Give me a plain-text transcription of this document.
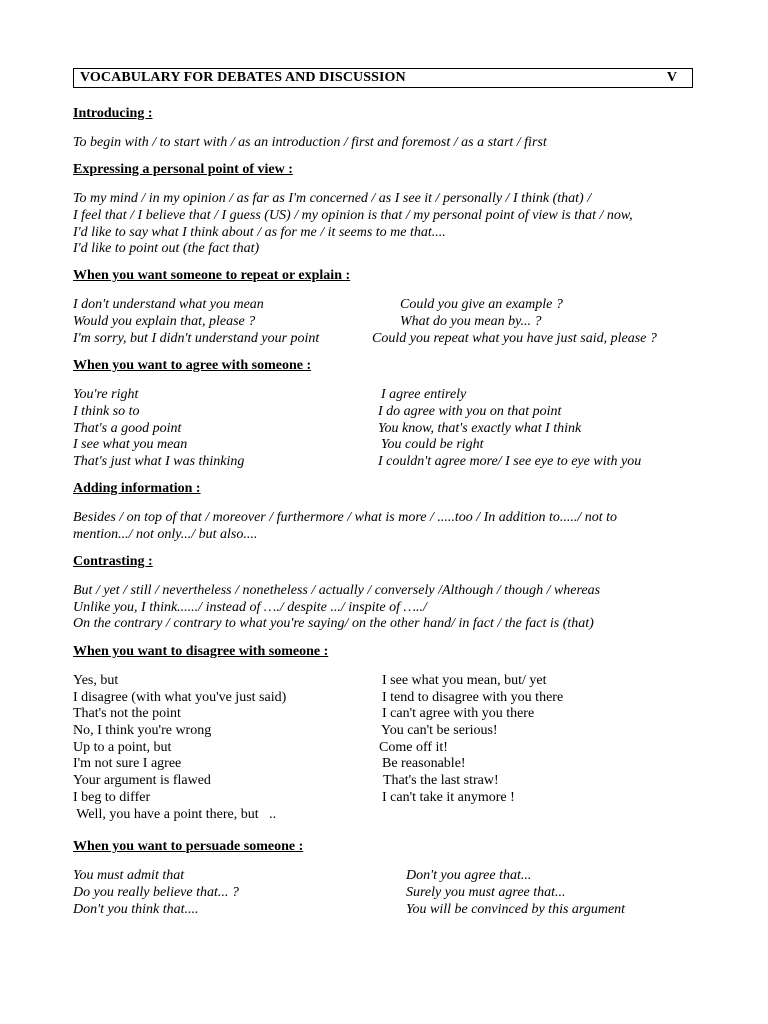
VOCABULARY FOR DEBATES AND DISCUSSION	V
Introducing :
To begin with / to start with / as an introduction / first and foremost / as a start / first
Expressing a personal point of view :
To my mind / in my opinion / as far as I'm concerned / as I see it / personally / I think (that) /
I feel that / I believe that / I guess (US) / my opinion is that / my personal point of view is that / now,
I'd like to say what I think about / as for me / it seems to me that....
I'd like to point out (the fact that)
When you want someone to repeat or explain :
I don't understand what you mean
Would you explain that, please ?
I'm sorry, but I didn't understand your point
Could you give an example ?
What do you mean by... ?
Could you repeat what you have just said, please ?
When you want to agree with someone :
You're right
I think so to
That's a good point
I see what you mean
That's just what I was thinking
I agree entirely
I do agree with you on that point
You know, that's exactly what I think
You could be right
I couldn't agree more/ I see eye to eye with you
Adding information :
Besides / on top of that / moreover / furthermore / what is more / .....too / In addition to...../ not to
mention.../ not only.../ but also....
Contrasting :
But / yet / still / nevertheless / nonetheless / actually / conversely /Although / though / whereas
Unlike you, I think....../ instead of …./ despite .../ inspite of …../
On the contrary / contrary to what you're saying/ on the other hand/ in fact / the fact is (that)
When you want to disagree with someone :
Yes, but
I disagree (with what you've just said)
That's not the point
No, I think you're wrong
Up to a point, but
I'm not sure I agree
Your argument is flawed
I beg to differ
Well, you have a point there, but   ..
I see what you mean, but/ yet
I tend to disagree with you there
I can't agree with you there
You can't be serious!
Come off it!
Be reasonable!
That's the last straw!
I can't take it anymore !
When you want to persuade someone :
You must admit that
Do you really believe that... ?
Don't you think that....
Don't you agree that...
Surely you must agree that...
You will be convinced by this argument
